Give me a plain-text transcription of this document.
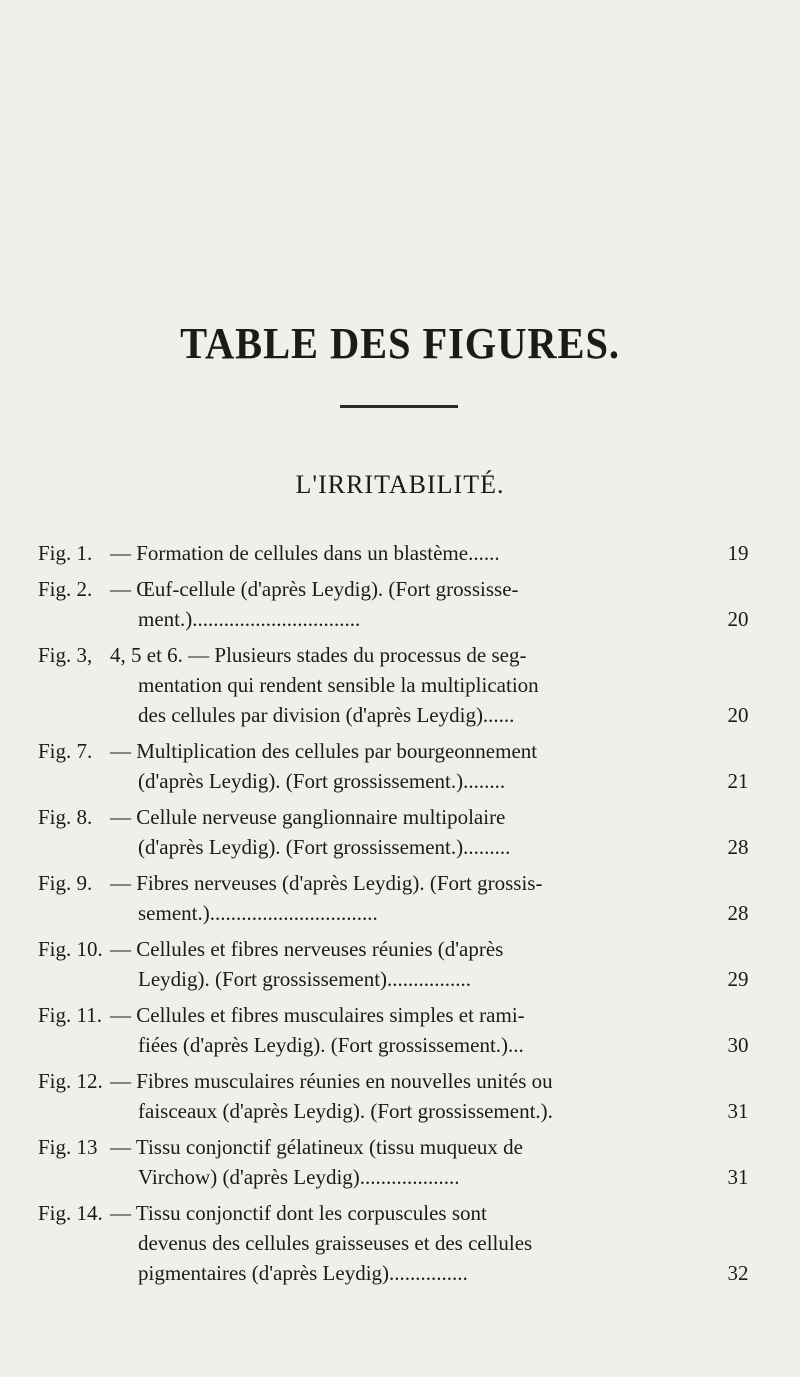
TABLE DES FIGURES.
L'IRRITABILITÉ.
Fig. 1. — Formation de cellules dans un blastème......	19
Fig. 2. — Œuf-cellule (d'après Leydig). (Fort grossisse-
ment.)................................	20
Fig. 3, 4, 5 et 6. — Plusieurs stades du processus de seg-
mentation qui rendent sensible la multiplication
des cellules par division (d'après Leydig)......	20
Fig. 7. — Multiplication des cellules par bourgeonnement
(d'après Leydig). (Fort grossissement.)........	21
Fig. 8. — Cellule nerveuse ganglionnaire multipolaire
(d'après Leydig). (Fort grossissement.).........	28
Fig. 9. — Fibres nerveuses (d'après Leydig). (Fort grossis-
sement.)................................	28
Fig. 10. — Cellules et fibres nerveuses réunies (d'après
Leydig). (Fort grossissement)................	29
Fig. 11. — Cellules et fibres musculaires simples et rami-
fiées (d'après Leydig). (Fort grossissement.)...	30
Fig. 12. — Fibres musculaires réunies en nouvelles unités ou
faisceaux (d'après Leydig). (Fort grossissement.).	31
Fig. 13 — Tissu conjonctif gélatineux (tissu muqueux de
Virchow) (d'après Leydig)...................	31
Fig. 14. — Tissu conjonctif dont les corpuscules sont
devenus des cellules graisseuses et des cellules
pigmentaires (d'après Leydig)...............	32
